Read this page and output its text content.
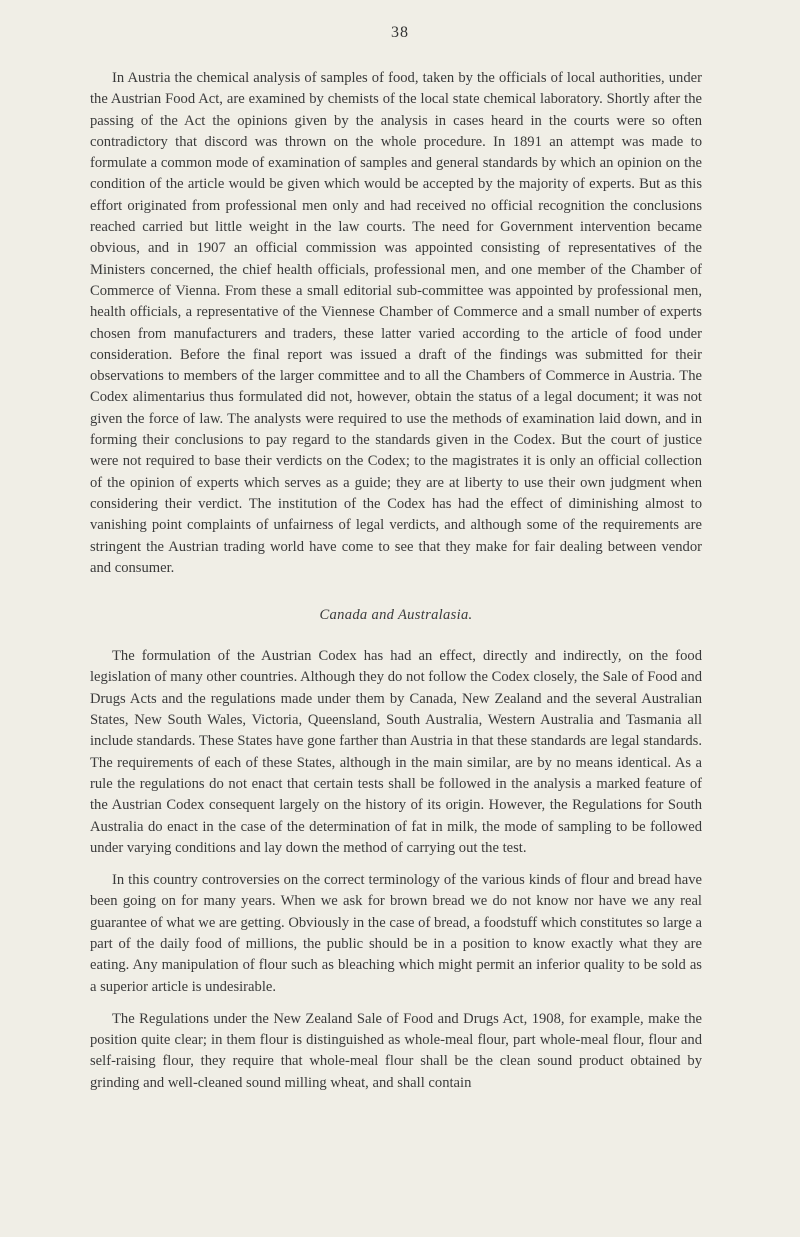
38

In Austria the chemical analysis of samples of food, taken by the officials of local authorities, under the Austrian Food Act, are examined by chemists of the local state chemical laboratory. Shortly after the passing of the Act the opinions given by the analysis in cases heard in the courts were so often contradictory that discord was thrown on the whole procedure. In 1891 an attempt was made to formulate a common mode of examination of samples and general standards by which an opinion on the condition of the article would be given which would be accepted by the majority of experts. But as this effort originated from professional men only and had received no official recognition the conclusions reached carried but little weight in the law courts. The need for Government intervention became obvious, and in 1907 an official commission was appointed consisting of representatives of the Ministers concerned, the chief health officials, professional men, and one member of the Chamber of Commerce of Vienna. From these a small editorial sub-committee was appointed by professional men, health officials, a representative of the Viennese Chamber of Commerce and a small number of experts chosen from manufacturers and traders, these latter varied according to the article of food under consideration. Before the final report was issued a draft of the findings was submitted for their observations to members of the larger committee and to all the Chambers of Commerce in Austria. The Codex alimentarius thus formulated did not, however, obtain the status of a legal document; it was not given the force of law. The analysts were required to use the methods of examination laid down, and in forming their conclusions to pay regard to the standards given in the Codex. But the court of justice were not required to base their verdicts on the Codex; to the magistrates it is only an official collection of the opinion of experts which serves as a guide; they are at liberty to use their own judgment when considering their verdict. The institution of the Codex has had the effect of diminishing almost to vanishing point complaints of unfairness of legal verdicts, and although some of the requirements are stringent the Austrian trading world have come to see that they make for fair dealing between vendor and consumer.

Canada and Australasia.

The formulation of the Austrian Codex has had an effect, directly and indirectly, on the food legislation of many other countries. Although they do not follow the Codex closely, the Sale of Food and Drugs Acts and the regulations made under them by Canada, New Zealand and the several Australian States, New South Wales, Victoria, Queensland, South Australia, Western Australia and Tasmania all include standards. These States have gone farther than Austria in that these standards are legal standards. The requirements of each of these States, although in the main similar, are by no means identical. As a rule the regulations do not enact that certain tests shall be followed in the analysis a marked feature of the Austrian Codex consequent largely on the history of its origin. However, the Regulations for South Australia do enact in the case of the determination of fat in milk, the mode of sampling to be followed under varying conditions and lay down the method of carrying out the test.

In this country controversies on the correct terminology of the various kinds of flour and bread have been going on for many years. When we ask for brown bread we do not know nor have we any real guarantee of what we are getting. Obviously in the case of bread, a foodstuff which constitutes so large a part of the daily food of millions, the public should be in a position to know exactly what they are eating. Any manipulation of flour such as bleaching which might permit an inferior quality to be sold as a superior article is undesirable.

The Regulations under the New Zealand Sale of Food and Drugs Act, 1908, for example, make the position quite clear; in them flour is distinguished as whole-meal flour, part whole-meal flour, flour and self-raising flour, they require that whole-meal flour shall be the clean sound product obtained by grinding and well-cleaned sound milling wheat, and shall contain
